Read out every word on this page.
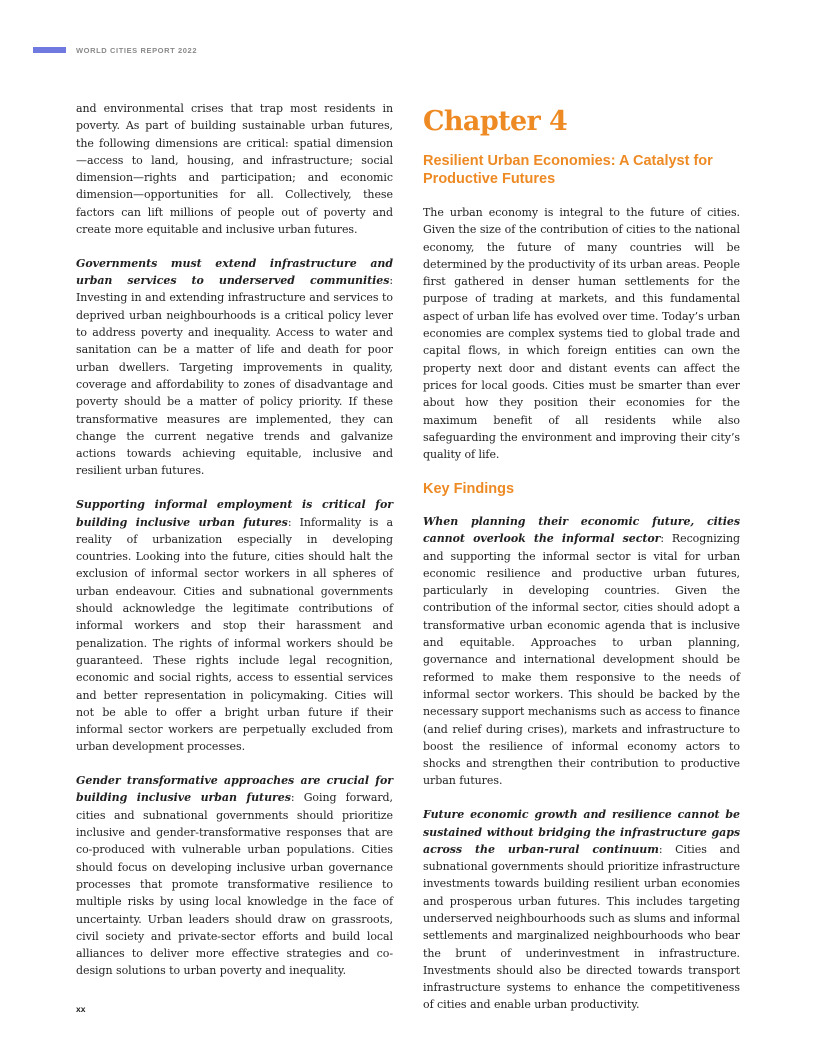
WORLD CITIES REPORT 2022

and environmental crises that trap most residents in poverty. As part of building sustainable urban futures, the following dimensions are critical: spatial dimension—access to land, housing, and infrastructure; social dimension—rights and participation; and economic dimension—opportunities for all. Collectively, these factors can lift millions of people out of poverty and create more equitable and inclusive urban futures.

Governments must extend infrastructure and urban services to underserved communities: Investing in and extending infrastructure and services to deprived urban neighbourhoods is a critical policy lever to address poverty and inequality. Access to water and sanitation can be a matter of life and death for poor urban dwellers. Targeting improvements in quality, coverage and affordability to zones of disadvantage and poverty should be a matter of policy priority. If these transformative measures are implemented, they can change the current negative trends and galvanize actions towards achieving equitable, inclusive and resilient urban futures.

Supporting informal employment is critical for building inclusive urban futures: Informality is a reality of urbanization especially in developing countries. Looking into the future, cities should halt the exclusion of informal sector workers in all spheres of urban endeavour. Cities and subnational governments should acknowledge the legitimate contributions of informal workers and stop their harassment and penalization. The rights of informal workers should be guaranteed. These rights include legal recognition, economic and social rights, access to essential services and better representation in policymaking. Cities will not be able to offer a bright urban future if their informal sector workers are perpetually excluded from urban development processes.

Gender transformative approaches are crucial for building inclusive urban futures: Going forward, cities and subnational governments should prioritize inclusive and gender-transformative responses that are co-produced with vulnerable urban populations. Cities should focus on developing inclusive urban governance processes that promote transformative resilience to multiple risks by using local knowledge in the face of uncertainty. Urban leaders should draw on grassroots, civil society and private-sector efforts and build local alliances to deliver more effective strategies and co-design solutions to urban poverty and inequality.

Chapter 4
Resilient Urban Economies: A Catalyst for Productive Futures

The urban economy is integral to the future of cities. Given the size of the contribution of cities to the national economy, the future of many countries will be determined by the productivity of its urban areas. People first gathered in denser human settlements for the purpose of trading at markets, and this fundamental aspect of urban life has evolved over time. Today’s urban economies are complex systems tied to global trade and capital flows, in which foreign entities can own the property next door and distant events can affect the prices for local goods. Cities must be smarter than ever about how they position their economies for the maximum benefit of all residents while also safeguarding the environment and improving their city’s quality of life.

Key Findings

When planning their economic future, cities cannot overlook the informal sector: Recognizing and supporting the informal sector is vital for urban economic resilience and productive urban futures, particularly in developing countries. Given the contribution of the informal sector, cities should adopt a transformative urban economic agenda that is inclusive and equitable. Approaches to urban planning, governance and international development should be reformed to make them responsive to the needs of informal sector workers. This should be backed by the necessary support mechanisms such as access to finance (and relief during crises), markets and infrastructure to boost the resilience of informal economy actors to shocks and strengthen their contribution to productive urban futures.

Future economic growth and resilience cannot be sustained without bridging the infrastructure gaps across the urban-rural continuum: Cities and subnational governments should prioritize infrastructure investments towards building resilient urban economies and prosperous urban futures. This includes targeting underserved neighbourhoods such as slums and informal settlements and marginalized neighbourhoods who bear the brunt of underinvestment in infrastructure. Investments should also be directed towards transport infrastructure systems to enhance the competitiveness of cities and enable urban productivity.

xx
